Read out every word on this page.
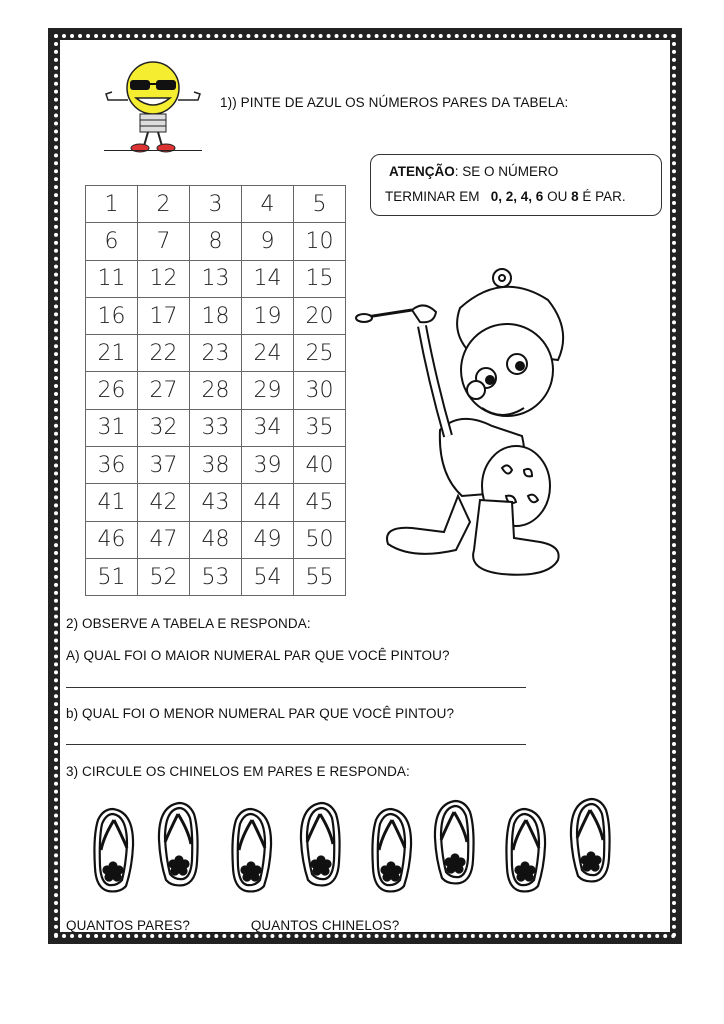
1)) PINTE DE AZUL OS NÚMEROS PARES DA TABELA:
ATENÇÃO: SE O NÚMERO
TERMINAR EM 0, 2, 4, 6 OU 8 É PAR.
1	2	3	4	5
6	7	8	9	10
11	12	13	14	15
16	17	18	19	20
21	22	23	24	25
26	27	28	29	30
31	32	33	34	35
36	37	38	39	40
41	42	43	44	45
46	47	48	49	50
51	52	53	54	55
2) OBSERVE A TABELA E RESPONDA:
A) QUAL FOI O MAIOR NUMERAL PAR QUE VOCÊ PINTOU?
b) QUAL FOI O MENOR NUMERAL PAR QUE VOCÊ PINTOU?
3) CIRCULE OS CHINELOS EM PARES E RESPONDA:
QUANTOS PARES?________QUANTOS CHINELOS? __________
